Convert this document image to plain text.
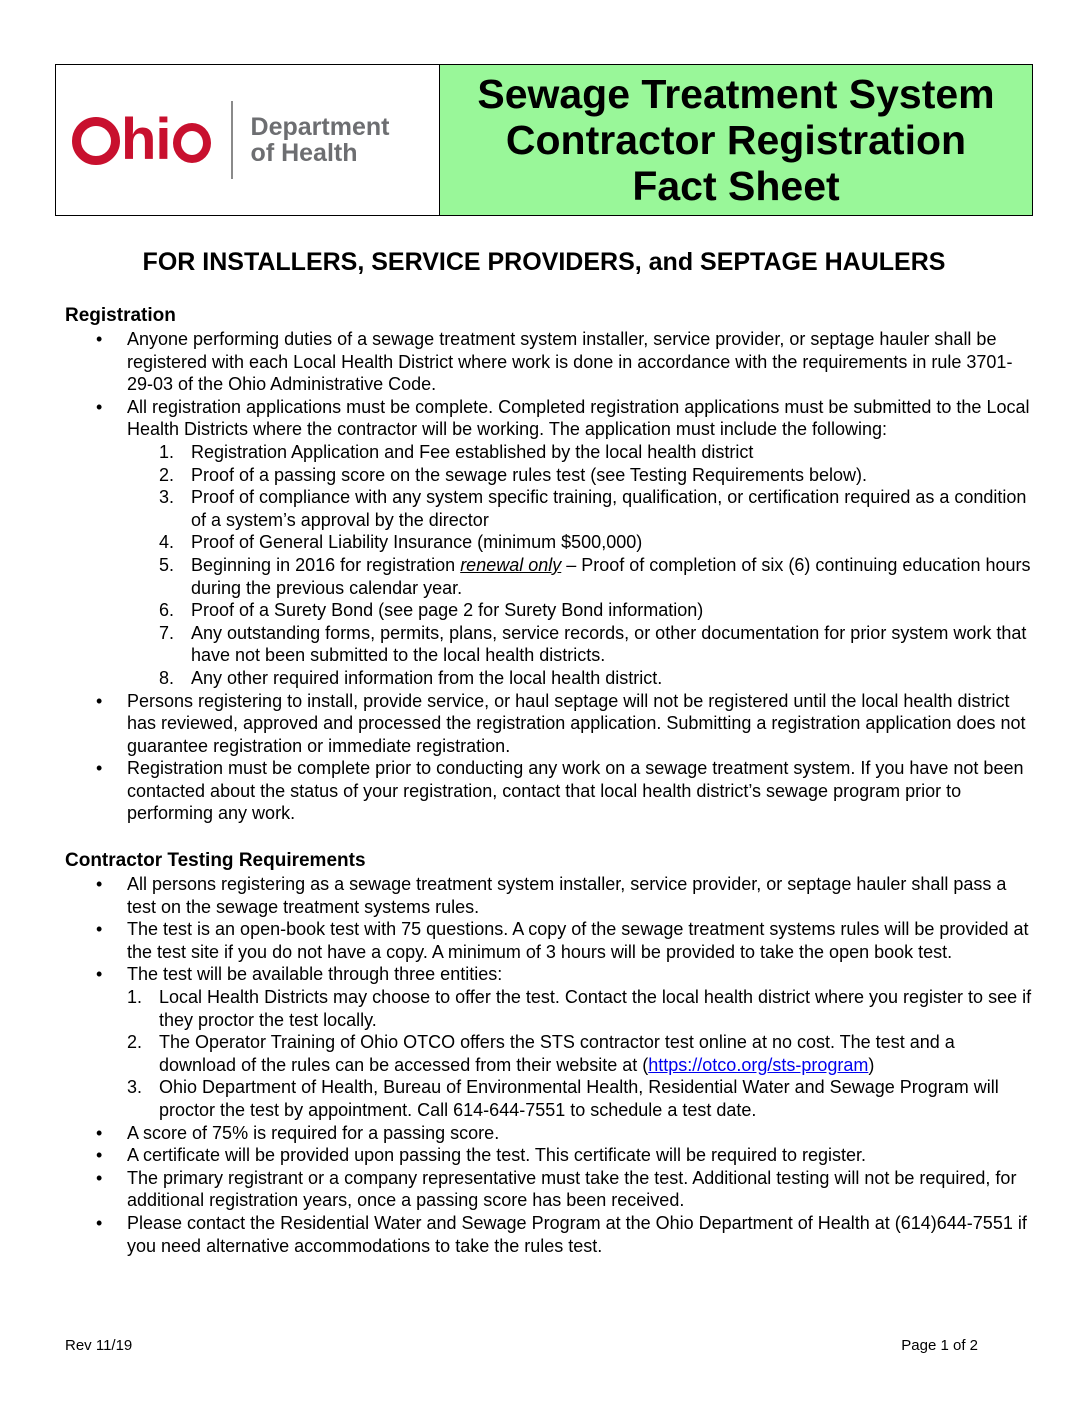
hi	Department
of Health
Sewage Treatment System
Contractor Registration
Fact Sheet
FOR INSTALLERS, SERVICE PROVIDERS, and SEPTAGE HAULERS

Registration

• Anyone performing duties of a sewage treatment system installer, service provider, or septage hauler shall be registered with each Local Health District where work is done in accordance with the requirements in rule 3701-29-03 of the Ohio Administrative Code.
• All registration applications must be complete. Completed registration applications must be submitted to the Local Health Districts where the contractor will be working. The application must include the following:
1. Registration Application and Fee established by the local health district
2. Proof of a passing score on the sewage rules test (see Testing Requirements below).
3. Proof of compliance with any system specific training, qualification, or certification required as a condition of a system’s approval by the director
4. Proof of General Liability Insurance (minimum $500,000)
5. Beginning in 2016 for registration renewal only – Proof of completion of six (6) continuing education hours during the previous calendar year.
6. Proof of a Surety Bond (see page 2 for Surety Bond information)
7. Any outstanding forms, permits, plans, service records, or other documentation for prior system work that have not been submitted to the local health districts.
8. Any other required information from the local health district.
• Persons registering to install, provide service, or haul septage will not be registered until the local health district has reviewed, approved and processed the registration application. Submitting a registration application does not guarantee registration or immediate registration.
• Registration must be complete prior to conducting any work on a sewage treatment system. If you have not been contacted about the status of your registration, contact that local health district’s sewage program prior to performing any work.

Contractor Testing Requirements

• All persons registering as a sewage treatment system installer, service provider, or septage hauler shall pass a test on the sewage treatment systems rules.
• The test is an open-book test with 75 questions. A copy of the sewage treatment systems rules will be provided at the test site if you do not have a copy. A minimum of 3 hours will be provided to take the open book test.
• The test will be available through three entities:
1. Local Health Districts may choose to offer the test. Contact the local health district where you register to see if they proctor the test locally.
2. The Operator Training of Ohio OTCO offers the STS contractor test online at no cost. The test and a download of the rules can be accessed from their website at (https://otco.org/sts-program)
3. Ohio Department of Health, Bureau of Environmental Health, Residential Water and Sewage Program will proctor the test by appointment. Call 614-644-7551 to schedule a test date.
• A score of 75% is required for a passing score.
• A certificate will be provided upon passing the test. This certificate will be required to register.
• The primary registrant or a company representative must take the test. Additional testing will not be required, for additional registration years, once a passing score has been received.
• Please contact the Residential Water and Sewage Program at the Ohio Department of Health at (614)644-7551 if you need alternative accommodations to take the rules test.
Rev 11/19	Page 1 of 2
